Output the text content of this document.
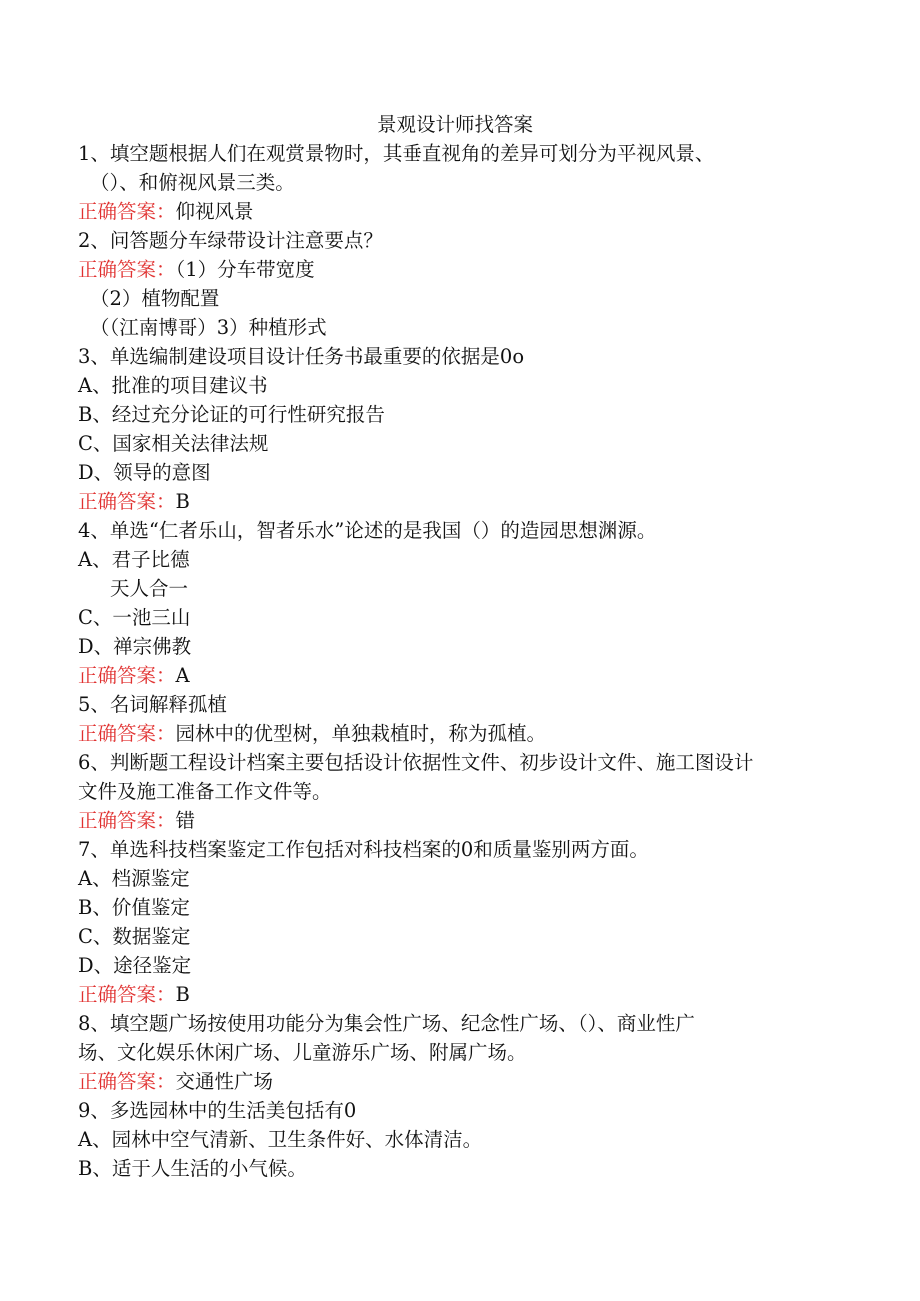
景观设计师找答案
1、填空题根据人们在观赏景物时，其垂直视角的差异可划分为平视风景、
（）、和俯视风景三类。
正确答案：仰视风景
2、问答题分车绿带设计注意要点？
正确答案：（1）分车带宽度
（2）植物配置
（（江南博哥）3）种植形式
3、单选编制建设项目设计任务书最重要的依据是0o
A、批准的项目建议书
B、经过充分论证的可行性研究报告
C、国家相关法律法规
D、领导的意图
正确答案：B
4、单选“仁者乐山，智者乐水”论述的是我国（）的造园思想渊源。
A、君子比德
天人合一
C、一池三山
D、禅宗佛教
正确答案：A
5、名词解释孤植
正确答案：园林中的优型树，单独栽植时，称为孤植。
6、判断题工程设计档案主要包括设计依据性文件、初步设计文件、施工图设计
文件及施工准备工作文件等。
正确答案：错
7、单选科技档案鉴定工作包括对科技档案的0和质量鉴别两方面。
A、档源鉴定
B、价值鉴定
C、数据鉴定
D、途径鉴定
正确答案：B
8、填空题广场按使用功能分为集会性广场、纪念性广场、（）、商业性广
场、文化娱乐休闲广场、儿童游乐广场、附属广场。
正确答案：交通性广场
9、多选园林中的生活美包括有0
A、园林中空气清新、卫生条件好、水体清洁。
B、适于人生活的小气候。
